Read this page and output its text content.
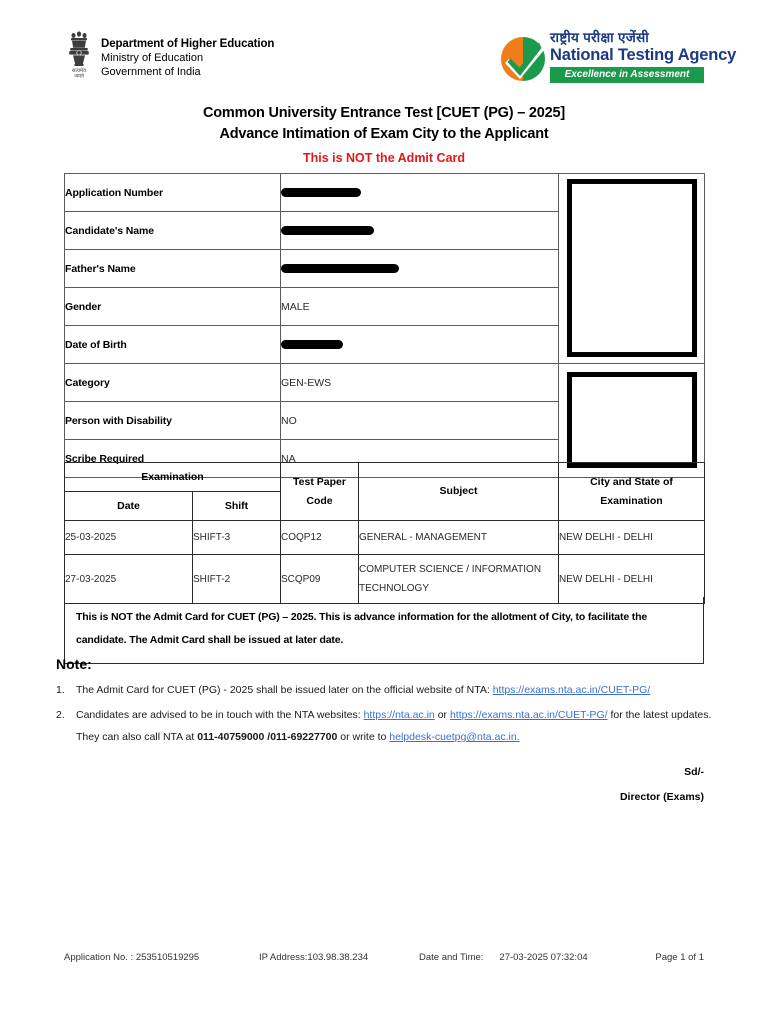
सत्यमेव
जयते
Department of Higher Education
Ministry of Education
Government of India
राष्ट्रीय परीक्षा एजेंसी
National Testing Agency
Excellence in Assessment
Common University Entrance Test [CUET (PG) – 2025]
Advance Intimation of Exam City to the Applicant
This is NOT the Admit Card
Application Number		

Candidate's Name		
Father's Name		
Gender	MALE	
Date of Birth		
Category	GEN-EWS	

Person with Disability	NO	
Scribe Required	NA	
Examination		Test Paper
Code	Subject	City and State of
Examination
Date	Shift			
25-03-2025	SHIFT-3	COQP12	GENERAL - MANAGEMENT	NEW DELHI - DELHI
27-03-2025	SHIFT-2	SCQP09	COMPUTER SCIENCE / INFORMATION
TECHNOLOGY	NEW DELHI - DELHI
This is NOT the Admit Card for CUET (PG) – 2025. This is advance information for the allotment of City, to facilitate the candidate. The Admit Card shall be issued at later date.
Note:
1.	The Admit Card for CUET (PG) - 2025 shall be issued later on the official website of NTA: https://exams.nta.ac.in/CUET-PG/
2.	Candidates are advised to be in touch with the NTA websites: https://nta.ac.in or https://exams.nta.ac.in/CUET-PG/ for the latest updates. They can also call NTA at 011-40759000 /011-69227700 or write to helpdesk-cuetpg@nta.ac.in.
Sd/-
Director (Exams)
Application No. : 253510519295	IP Address:103.98.38.234	Date and Time: 27-03-2025 07:32:04	Page 1 of 1
